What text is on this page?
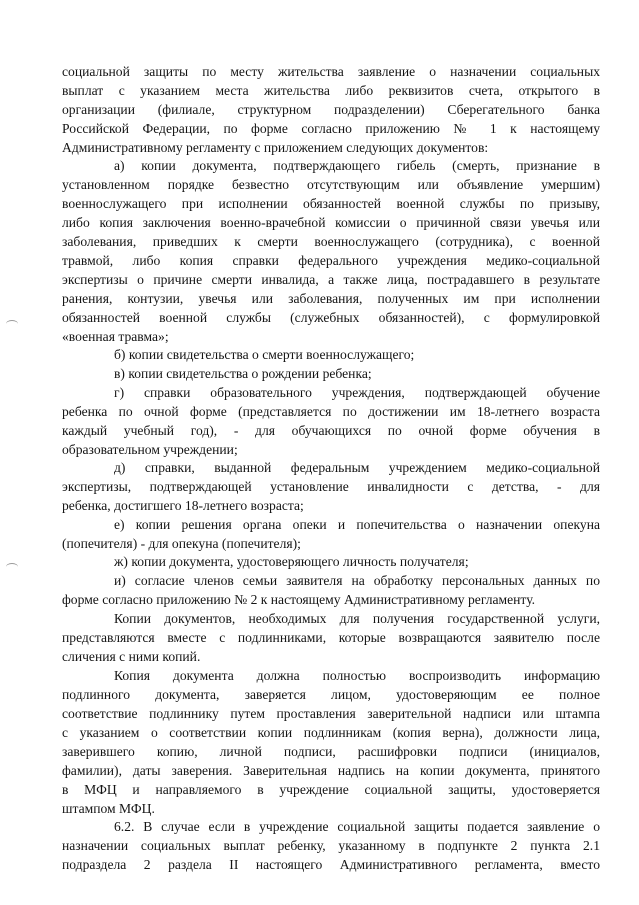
социальной защиты по месту жительства заявление о назначении социальных
выплат с указанием места жительства либо реквизитов счета, открытого в
организации (филиале, структурном подразделении) Сберегательного банка
Российской Федерации, по форме согласно приложению № 1 к настоящему
Административному регламенту с приложением следующих документов:
а) копии документа, подтверждающего гибель (смерть, признание в
установленном порядке безвестно отсутствующим или объявление умершим)
военнослужащего при исполнении обязанностей военной службы по призыву,
либо копия заключения военно-врачебной комиссии о причинной связи увечья или
заболевания, приведших к смерти военнослужащего (сотрудника), с военной
травмой, либо копия справки федерального учреждения медико-социальной
экспертизы о причине смерти инвалида, а также лица, пострадавшего в результате
ранения, контузии, увечья или заболевания, полученных им при исполнении
обязанностей военной службы (служебных обязанностей), с формулировкой
«военная травма»;
б) копии свидетельства о смерти военнослужащего;
в) копии свидетельства о рождении ребенка;
г) справки образовательного учреждения, подтверждающей обучение
ребенка по очной форме (представляется по достижении им 18-летнего возраста
каждый учебный год), - для обучающихся по очной форме обучения в
образовательном учреждении;
д) справки, выданной федеральным учреждением медико-социальной
экспертизы, подтверждающей установление инвалидности с детства, - для
ребенка, достигшего 18-летнего возраста;
е) копии решения органа опеки и попечительства о назначении опекуна
(попечителя) - для опекуна (попечителя);
ж) копии документа, удостоверяющего личность получателя;
и) согласие членов семьи заявителя на обработку персональных данных по
форме согласно приложению № 2 к настоящему Административному регламенту.
Копии документов, необходимых для получения государственной услуги,
представляются вместе с подлинниками, которые возвращаются заявителю после
сличения с ними копий.
Копия документа должна полностью воспроизводить информацию
подлинного документа, заверяется лицом, удостоверяющим ее полное
соответствие подлиннику путем проставления заверительной надписи или штампа
с указанием о соответствии копии подлинникам (копия верна), должности лица,
заверившего копию, личной подписи, расшифровки подписи (инициалов,
фамилии), даты заверения. Заверительная надпись на копии документа, принятого
в МФЦ и направляемого в учреждение социальной защиты, удостоверяется
штампом МФЦ.
6.2. В случае если в учреждение социальной защиты подается заявление о
назначении социальных выплат ребенку, указанному в подпункте 2 пункта 2.1
подраздела 2 раздела II настоящего Административного регламента, вместо
